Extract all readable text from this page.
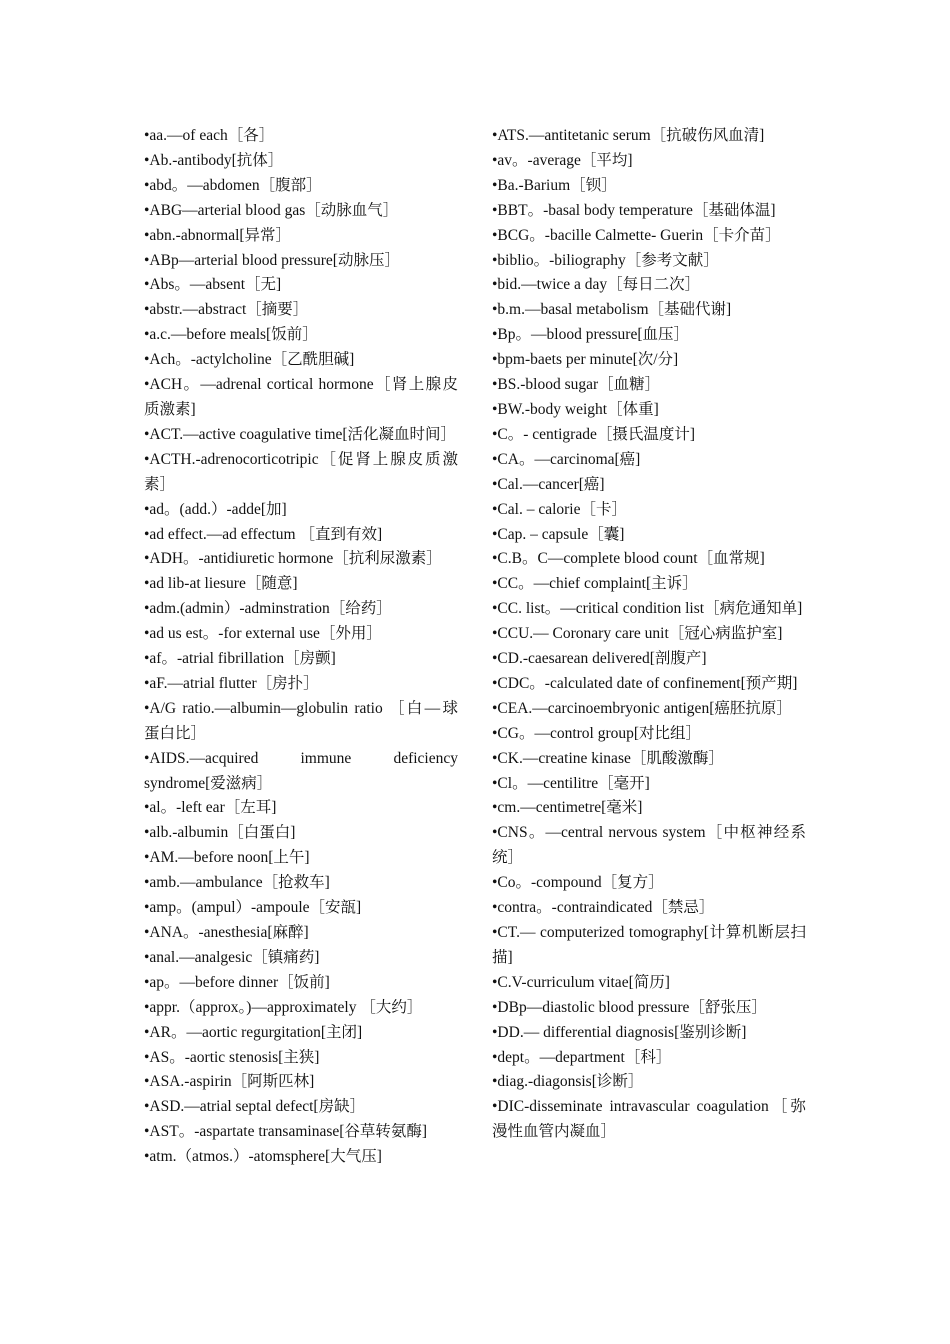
•aa.—of each［各］

•Ab.-antibody[抗体］

•abd。—abdomen［腹部］

•ABG—arterial blood gas［动脉血气］

•abn.-abnormal[异常］

•ABp—arterial blood pressure[动脉压］

•Abs。—absent［无]

•abstr.—abstract［摘要］

•a.c.—before meals[饭前］

•Ach。-actylcholine［乙酰胆碱]

•ACH。—adrenal cortical hormone［肾上腺皮质激素]

•ACT.—active coagulative time[活化凝血时间］

•ACTH.-adrenocorticotripic［促肾上腺皮质激素］

•ad。(add.）-adde[加]

•ad effect.—ad effectum ［直到有效]

•ADH。-antidiuretic hormone［抗利尿激素］

•ad lib-at liesure［随意]

•adm.(admin）-adminstration［给药］

•ad us est。-for external use［外用］

•af。-atrial fibrillation［房颤]

•aF.—atrial flutter［房扑］

•A/G ratio.—albumin—globulin ratio ［白—球蛋白比］

•AIDS.—acquired immune deficiency syndrome[爱滋病］

•al。-left ear［左耳]

•alb.-albumin［白蛋白]

•AM.—before noon[上午]

•amb.—ambulance［抢救车]

•amp。(ampul）-ampoule［安瓿]

•ANA。-anesthesia[麻醉]

•anal.—analgesic［镇痛药]

•ap。—before dinner［饭前]

•appr.（approx。)—approximately ［大约］

•AR。—aortic regurgitation[主闭]

•AS。-aortic stenosis[主狭]

•ASA.-aspirin［阿斯匹林]

•ASD.—atrial septal defect[房缺］

•AST。-aspartate transaminase[谷草转氨酶]

•atm.（atmos.）-atomsphere[大气压]

•ATS.—antitetanic serum［抗破伤风血清]

•av。-average［平均]

•Ba.-Barium［钡］

•BBT。-basal body temperature［基础体温]

•BCG。-bacille Calmette- Guerin［卡介苗］

•biblio。-biliography［参考文献］

•bid.—twice a day［每日二次］

•b.m.—basal metabolism［基础代谢]

•Bp。—blood pressure[血压］

•bpm-baets per minute[次/分]

•BS.-blood sugar［血糖］

•BW.-body weight［体重]

•C。- centigrade［摄氏温度计]

•CA。—carcinoma[癌]

•Cal.—cancer[癌]

•Cal. – calorie［卡］

•Cap. – capsule［囊]

•C.B。C—complete blood count［血常规]

•CC。—chief complaint[主诉］

•CC. list。—critical condition list［病危通知单]

•CCU.— Coronary care unit［冠心病监护室]

•CD.-caesarean delivered[剖腹产]

•CDC。-calculated date of confinement[预产期]

•CEA.—carcinoembryonic antigen[癌胚抗原］

•CG。—control group[对比组］

•CK.—creatine kinase［肌酸激酶］

•Cl。—centilitre［毫开]

•cm.—centimetre[毫米]

•CNS。—central nervous system［中枢神经系统］

•Co。-compound［复方］

•contra。-contraindicated［禁忌］

•CT.— computerized tomography[计算机断层扫描]

•C.V-curriculum vitae[简历]

•DBp—diastolic blood pressure［舒张压］

•DD.— differential diagnosis[鉴别诊断]

•dept。—department［科］

•diag.-diagonsis[诊断］

•DIC-disseminate intravascular coagulation［弥漫性血管内凝血］
